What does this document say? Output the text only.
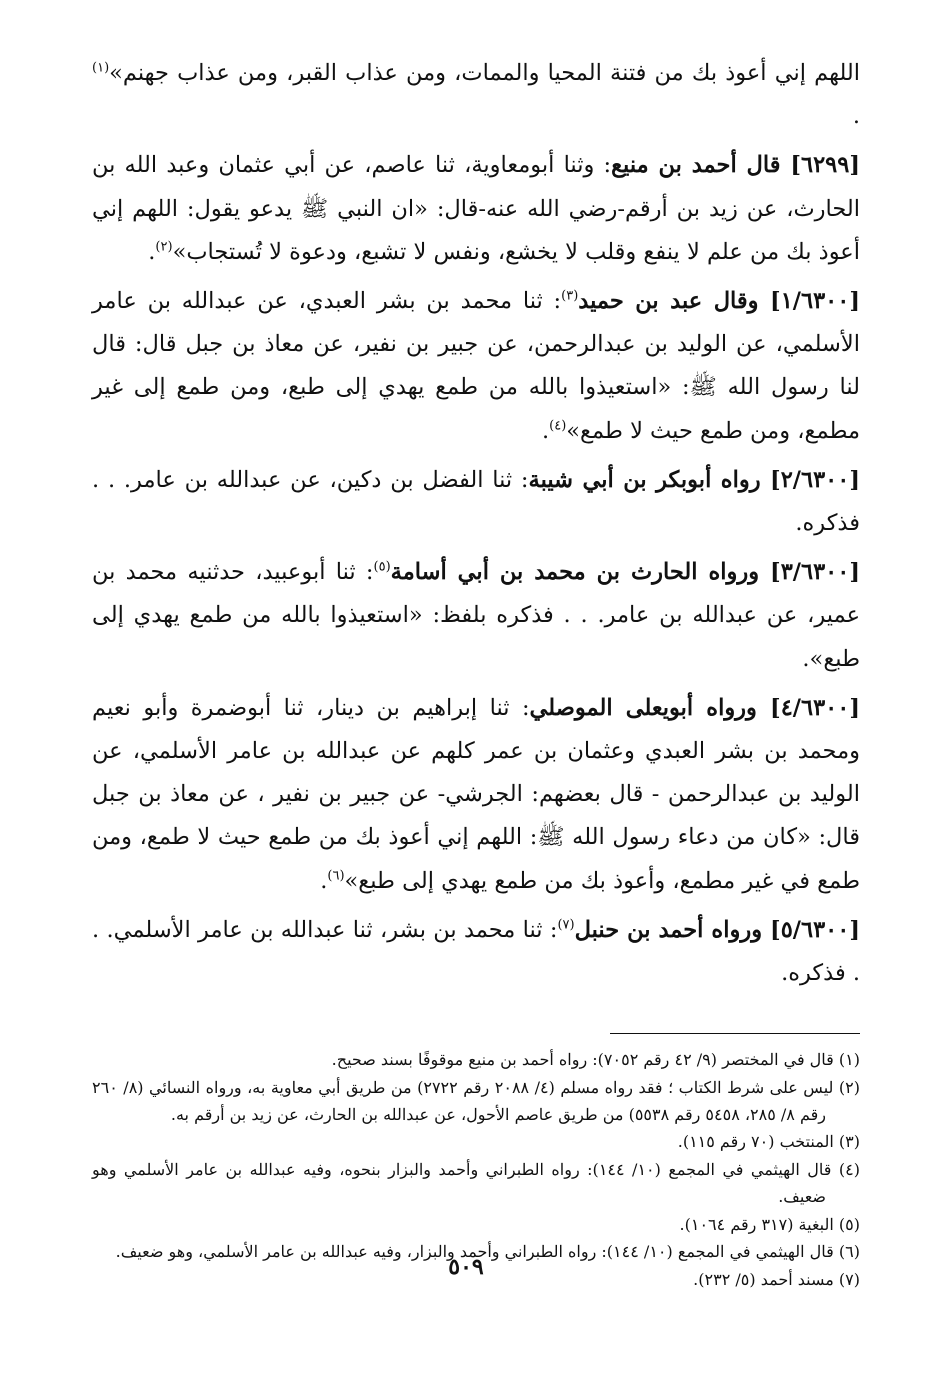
اللهم إني أعوذ بك من فتنة المحيا والممات، ومن عذاب القبر، ومن عذاب جهنم»$^{(١)}$ .

[٦٢٩٩] قال أحمد بن منيع: وثنا أبومعاوية، ثنا عاصم، عن أبي عثمان وعبد الله بن الحارث، عن زيد بن أرقم-رضي الله عنه-قال: «ان النبي ﷺ يدعو يقول: اللهم إني أعوذ بك من علم لا ينفع وقلب لا يخشع، ونفس لا تشبع، ودعوة لا تُستجاب»$^{(٢)}$.

[١/٦٣٠٠] وقال عبد بن حميد$^{(٣)}$: ثنا محمد بن بشر العبدي، عن عبدالله بن عامر الأسلمي، عن الوليد بن عبدالرحمن، عن جبير بن نفير، عن معاذ بن جبل قال: قال لنا رسول الله ﷺ: «استعيذوا بالله من طمع يهدي إلى طبع، ومن طمع إلى غير مطمع، ومن طمع حيث لا طمع»$^{(٤)}$.

[٢/٦٣٠٠] رواه أبوبكر بن أبي شيبة: ثنا الفضل بن دكين، عن عبدالله بن عامر. . . فذكره.

[٣/٦٣٠٠] ورواه الحارث بن محمد بن أبي أسامة$^{(٥)}$: ثنا أبوعبيد، حدثنيه محمد بن عمير، عن عبدالله بن عامر. . . فذكره بلفظ: «استعيذوا بالله من طمع يهدي إلى طبع».

[٤/٦٣٠٠] ورواه أبويعلى الموصلي: ثنا إبراهيم بن دينار، ثنا أبوضمرة وأبو نعيم ومحمد بن بشر العبدي وعثمان بن عمر كلهم عن عبدالله بن عامر الأسلمي، عن الوليد بن عبدالرحمن - قال بعضهم: الجرشي- عن جبير بن نفير ، عن معاذ بن جبل قال: «كان من دعاء رسول الله ﷺ: اللهم إني أعوذ بك من طمع حيث لا طمع، ومن طمع في غير مطمع، وأعوذ بك من طمع يهدي إلى طبع»$^{(٦)}$.

[٥/٦٣٠٠] ورواه أحمد بن حنبل$^{(٧)}$: ثنا محمد بن بشر، ثنا عبدالله بن عامر الأسلمي. . . فذكره.

(١) قال في المختصر (٩/ ٤٢ رقم ٧٠٥٢): رواه أحمد بن منيع موقوفًا بسند صحيح.

(٢) ليس على شرط الكتاب ؛ فقد رواه مسلم (٤/ ٢٠٨٨ رقم ٢٧٢٢) من طريق أبي معاوية به، ورواه النسائي (٨/ ٢٦٠ رقم ٨/ ٢٨٥، ٥٤٥٨ رقم ٥٥٣٨) من طريق عاصم الأحول، عن عبدالله بن الحارث، عن زيد بن أرقم به.

(٣) المنتخب (٧٠ رقم ١١٥).

(٤) قال الهيثمي في المجمع (١٠/ ١٤٤): رواه الطبراني وأحمد والبزار بنحوه، وفيه عبدالله بن عامر الأسلمي وهو ضعيف.

(٥) البغية (٣١٧ رقم ١٠٦٤).

(٦) قال الهيثمي في المجمع (١٠/ ١٤٤): رواه الطبراني وأحمد والبزار، وفيه عبدالله بن عامر الأسلمي، وهو ضعيف.

(٧) مسند أحمد (٥/ ٢٣٢).

٥٠٩
